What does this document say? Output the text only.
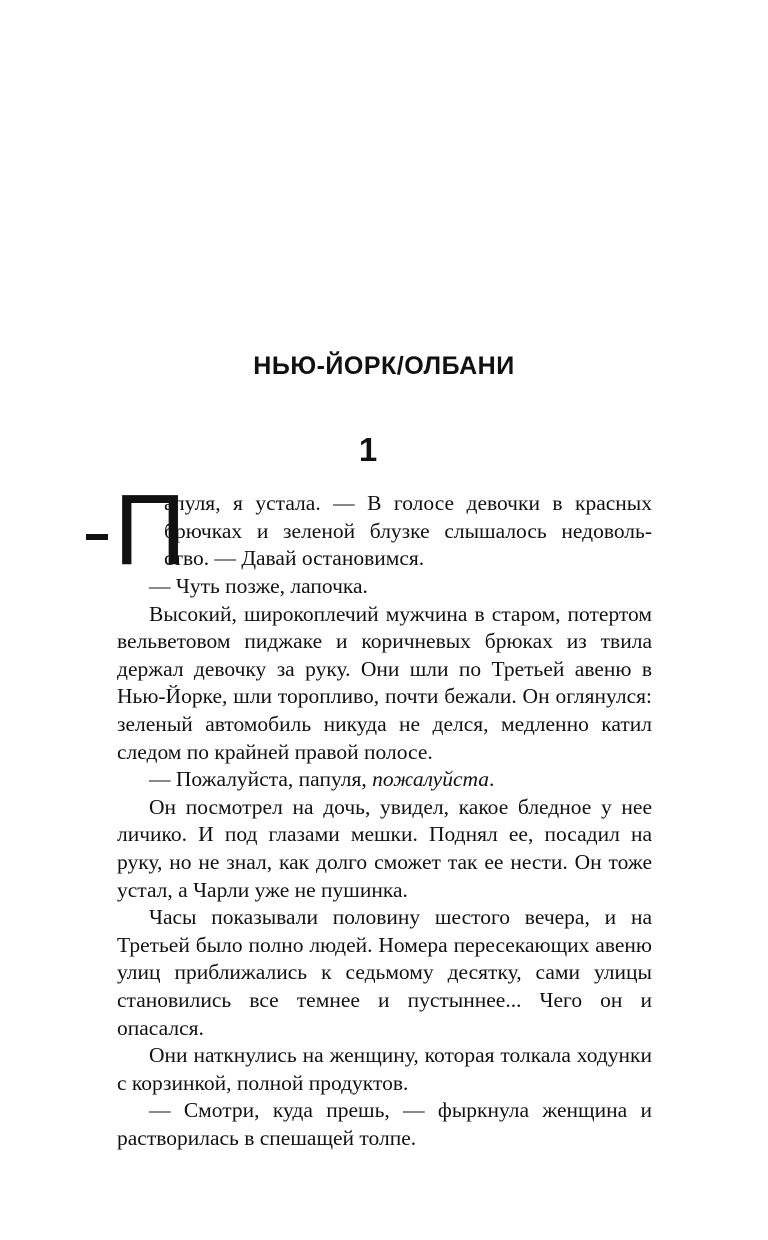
НЬЮ-ЙОРК/ОЛБАНИ
1
П
апуля, я устала. — В голосе девочки в красных
брючках и зеленой блузке слышалось недоволь-
ство. — Давай остановимся.

— Чуть позже, лапочка.

Высокий, широкоплечий мужчина в старом, потертом вельветовом пиджаке и коричневых брюках из твила держал девочку за руку. Они шли по Третьей авеню в Нью-Йорке, шли торопливо, почти бежали. Он оглянулся: зеленый автомобиль никуда не делся, медленно катил следом по крайней правой полосе.

— Пожалуйста, папуля, пожалуйста.

Он посмотрел на дочь, увидел, какое бледное у нее личико. И под глазами мешки. Поднял ее, посадил на руку, но не знал, как долго сможет так ее нести. Он тоже устал, а Чарли уже не пушинка.

Часы показывали половину шестого вечера, и на Третьей было полно людей. Номера пересекающих авеню улиц приближались к седьмому десятку, сами улицы становились все темнее и пустыннее... Чего он и опасался.

Они наткнулись на женщину, которая толкала ходунки с корзинкой, полной продуктов.

— Смотри, куда прешь, — фыркнула женщина и растворилась в спешащей толпе.
